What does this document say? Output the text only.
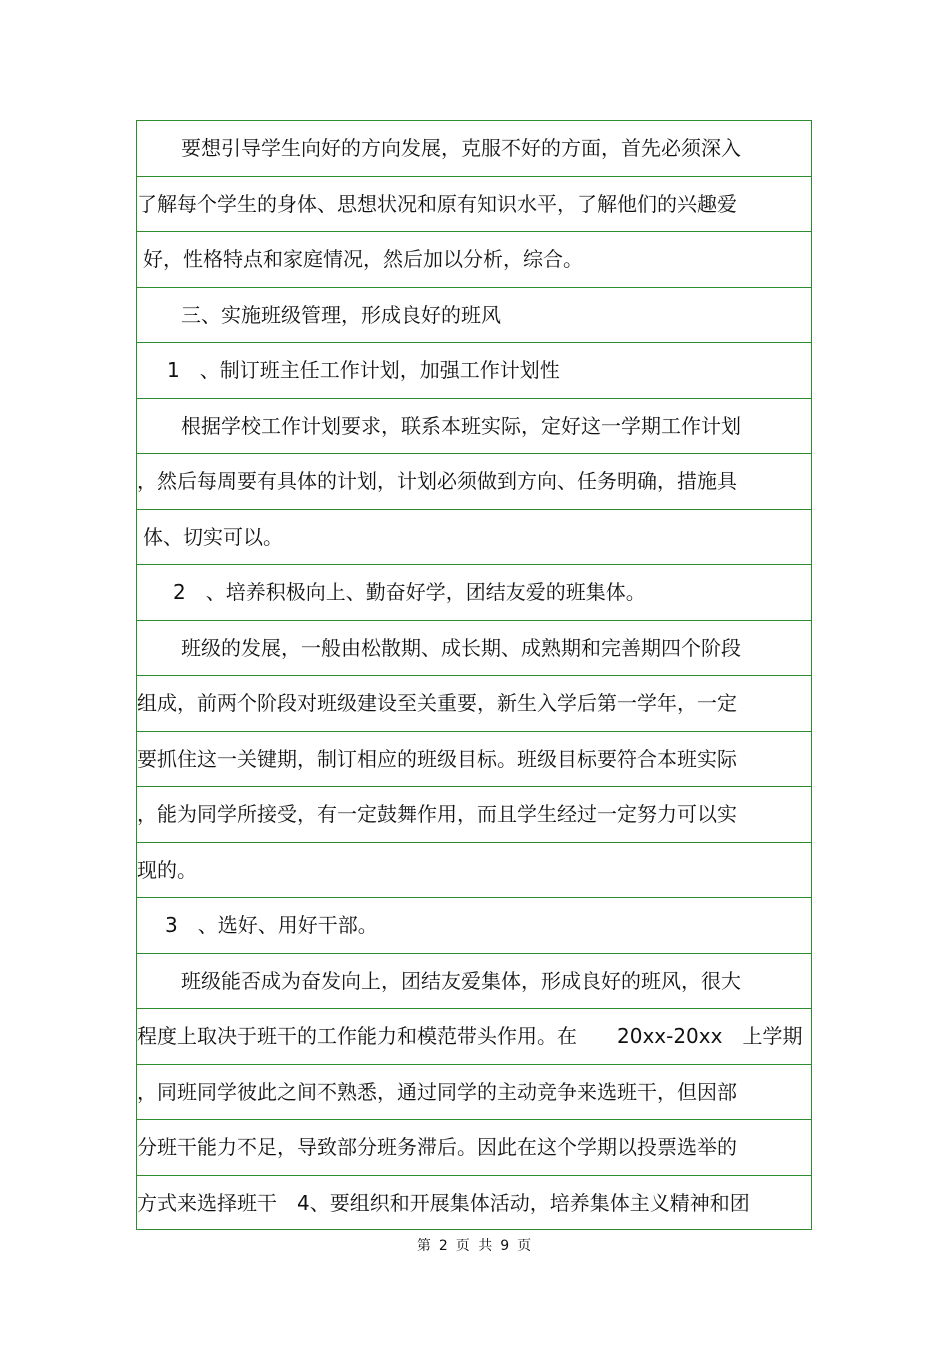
要想引导学生向好的方向发展，克服不好的方面，首先必须深入
了解每个学生的身体、思想状况和原有知识水平，了解他们的兴趣爱
好，性格特点和家庭情况，然后加以分析，综合。
三、实施班级管理，形成良好的班风
1　、制订班主任工作计划，加强工作计划性
根据学校工作计划要求，联系本班实际，定好这一学期工作计划
，然后每周要有具体的计划，计划必须做到方向、任务明确，措施具
体、切实可以。
2　、培养积极向上、勤奋好学，团结友爱的班集体。
班级的发展，一般由松散期、成长期、成熟期和完善期四个阶段
组成，前两个阶段对班级建设至关重要，新生入学后第一学年，一定
要抓住这一关键期，制订相应的班级目标。班级目标要符合本班实际
，能为同学所接受，有一定鼓舞作用，而且学生经过一定努力可以实
现的。
3　、选好、用好干部。
班级能否成为奋发向上，团结友爱集体，形成良好的班风，很大
程度上取决于班干的工作能力和模范带头作用。在　　20xx-20xx　上学期
，同班同学彼此之间不熟悉，通过同学的主动竞争来选班干，但因部
分班干能力不足，导致部分班务滞后。因此在这个学期以投票选举的
方式来选择班干　4、要组织和开展集体活动，培养集体主义精神和团
第 2 页 共 9 页
